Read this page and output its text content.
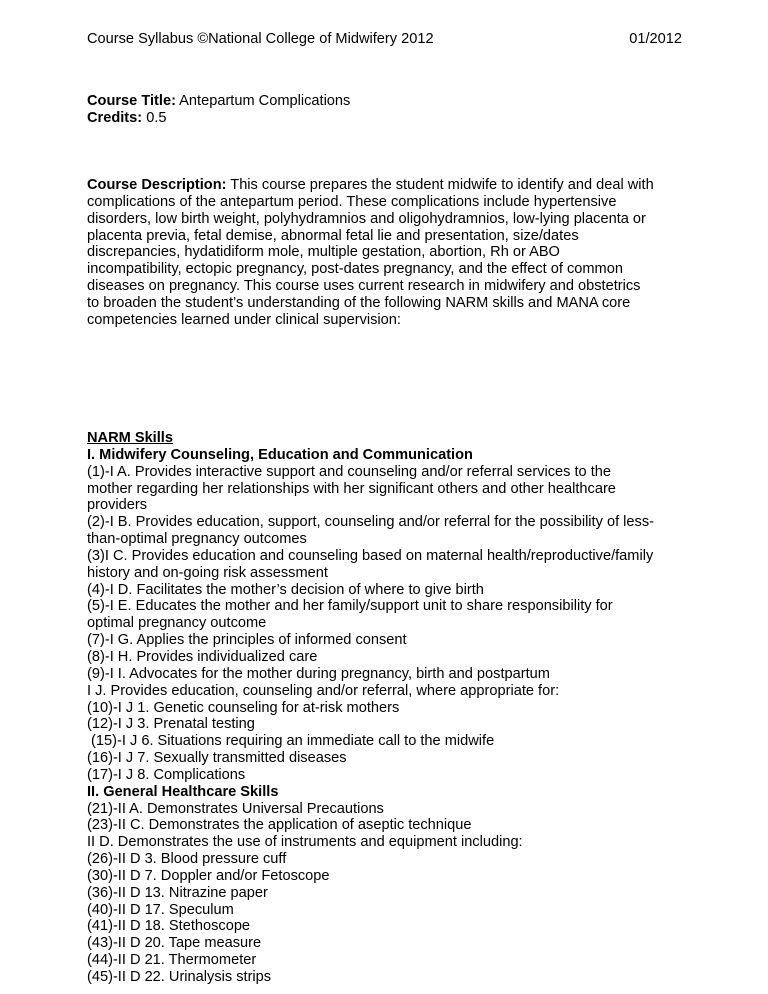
Course Syllabus ©National College of Midwifery 2012	01/2012
Course Title: Antepartum Complications
Credits: 0.5
Course Description: This course prepares the student midwife to identify and deal with
complications of the antepartum period. These complications include hypertensive
disorders, low birth weight, polyhydramnios and oligohydramnios, low-lying placenta or
placenta previa, fetal demise, abnormal fetal lie and presentation, size/dates
discrepancies, hydatidiform mole, multiple gestation, abortion, Rh or ABO
incompatibility, ectopic pregnancy, post-dates pregnancy, and the effect of common
diseases on pregnancy. This course uses current research in midwifery and obstetrics
to broaden the student’s understanding of the following NARM skills and MANA core
competencies learned under clinical supervision:
NARM Skills
I. Midwifery Counseling, Education and Communication
(1)-I A. Provides interactive support and counseling and/or referral services to the
mother regarding her relationships with her significant others and other healthcare
providers
(2)-I B. Provides education, support, counseling and/or referral for the possibility of less-
than-optimal pregnancy outcomes
(3)I C. Provides education and counseling based on maternal health/reproductive/family
history and on-going risk assessment
(4)-I D. Facilitates the mother’s decision of where to give birth
(5)-I E. Educates the mother and her family/support unit to share responsibility for
optimal pregnancy outcome
(7)-I G. Applies the principles of informed consent
(8)-I H. Provides individualized care
(9)-I I. Advocates for the mother during pregnancy, birth and postpartum
I J. Provides education, counseling and/or referral, where appropriate for:
(10)-I J 1. Genetic counseling for at-risk mothers
(12)-I J 3. Prenatal testing
(15)-I J 6. Situations requiring an immediate call to the midwife
(16)-I J 7. Sexually transmitted diseases
(17)-I J 8. Complications
II. General Healthcare Skills
(21)-II A. Demonstrates Universal Precautions
(23)-II C. Demonstrates the application of aseptic technique
II D. Demonstrates the use of instruments and equipment including:
(26)-II D 3. Blood pressure cuff
(30)-II D 7. Doppler and/or Fetoscope
(36)-II D 13. Nitrazine paper
(40)-II D 17. Speculum
(41)-II D 18. Stethoscope
(43)-II D 20. Tape measure
(44)-II D 21. Thermometer
(45)-II D 22. Urinalysis strips
